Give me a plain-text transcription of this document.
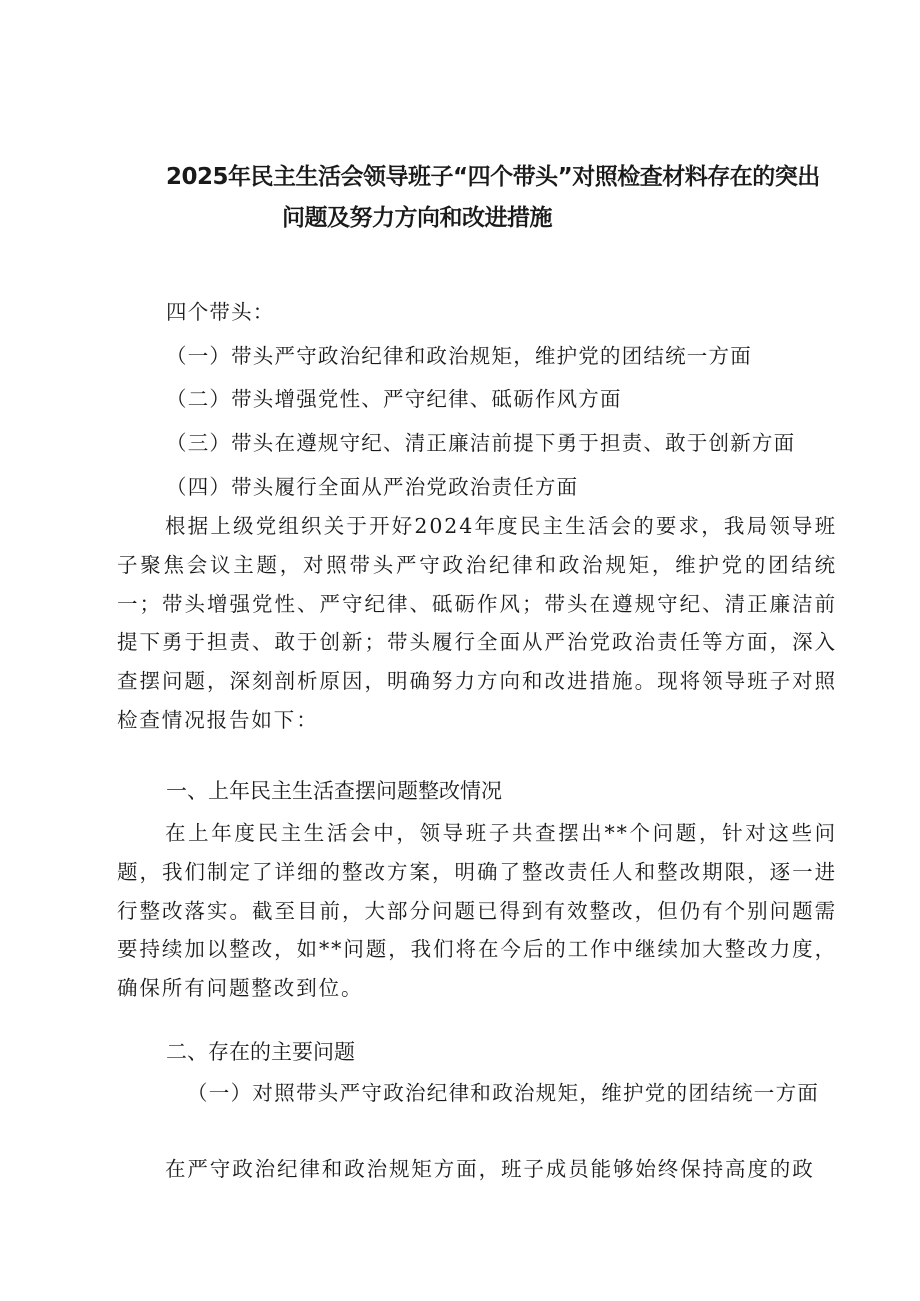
2025年民主生活会领导班子“四个带头”对照检查材料存在的突出
问题及努力方向和改进措施
四个带头：
（一）带头严守政治纪律和政治规矩，维护党的团结统一方面
（二）带头增强党性、严守纪律、砥砺作风方面
（三）带头在遵规守纪、清正廉洁前提下勇于担责、敢于创新方面
（四）带头履行全面从严治党政治责任方面
根据上级党组织关于开好2024年度民主生活会的要求，我局领导班子聚焦会议主题，对照带头严守政治纪律和政治规矩，维护党的团结统一；带头增强党性、严守纪律、砥砺作风；带头在遵规守纪、清正廉洁前提下勇于担责、敢于创新；带头履行全面从严治党政治责任等方面，深入查摆问题，深刻剖析原因，明确努力方向和改进措施。现将领导班子对照检查情况报告如下：
一、上年民主生活查摆问题整改情况
在上年度民主生活会中，领导班子共查摆出**个问题，针对这些问题，我们制定了详细的整改方案，明确了整改责任人和整改期限，逐一进行整改落实。截至目前，大部分问题已得到有效整改，但仍有个别问题需要持续加以整改，如**问题，我们将在今后的工作中继续加大整改力度，确保所有问题整改到位。
二、存在的主要问题
（一）对照带头严守政治纪律和政治规矩，维护党的团结统一方面
在严守政治纪律和政治规矩方面，班子成员能够始终保持高度的政
